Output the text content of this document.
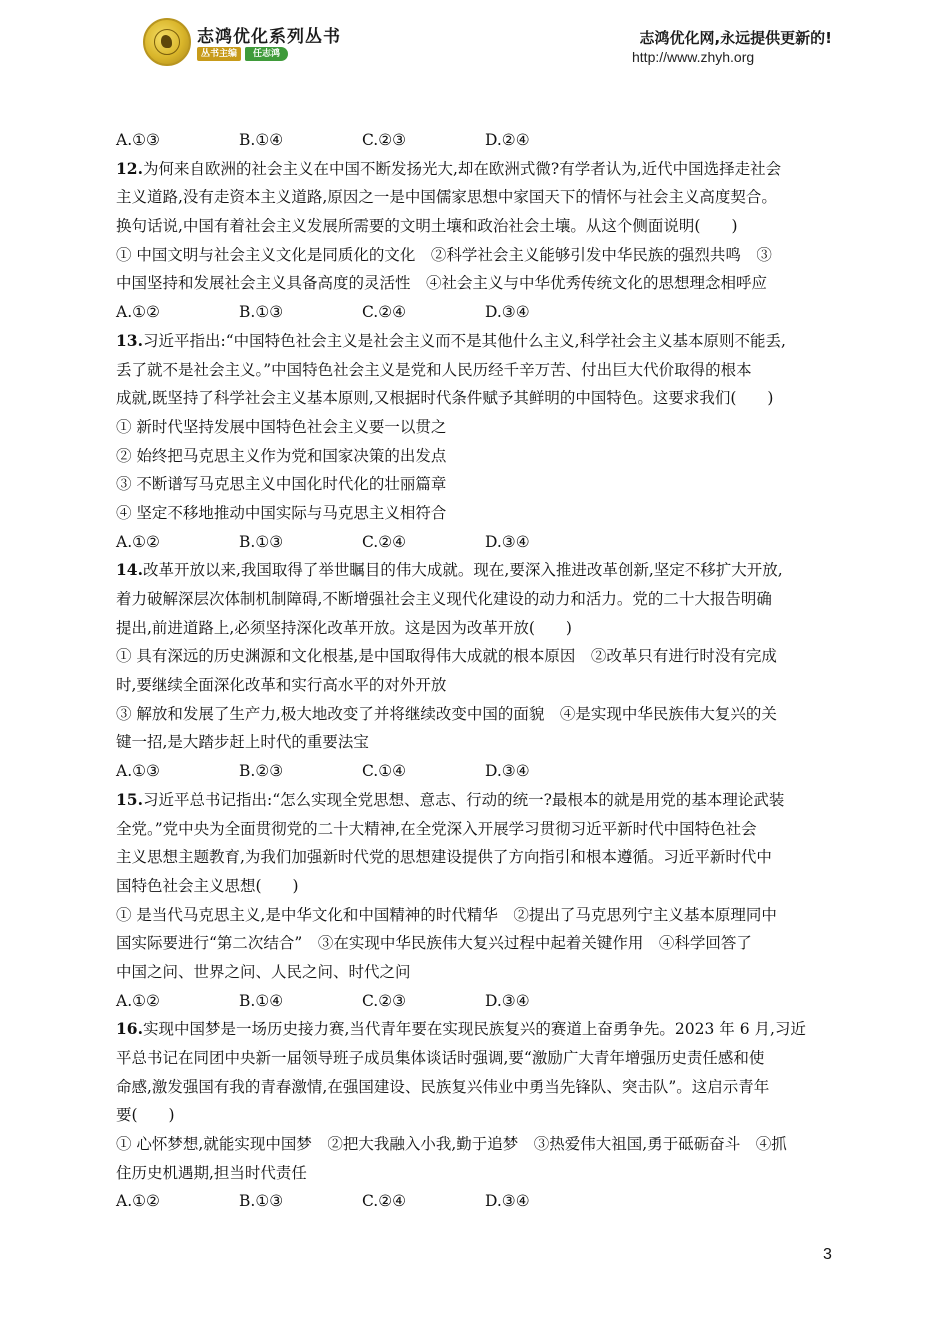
志鸿优化系列丛书
丛书主编	任志鸿
志鸿优化网,永远提供更新的!
http://www.zhyh.org
A.①③	B.①④	C.②③	D.②④
12.为何来自欧洲的社会主义在中国不断发扬光大,却在欧洲式微?有学者认为,近代中国选择走社会
主义道路,没有走资本主义道路,原因之一是中国儒家思想中家国天下的情怀与社会主义高度契合。
换句话说,中国有着社会主义发展所需要的文明土壤和政治社会土壤。从这个侧面说明(　　)
① 中国文明与社会主义文化是同质化的文化　②科学社会主义能够引发中华民族的强烈共鸣　③
中国坚持和发展社会主义具备高度的灵活性　④社会主义与中华优秀传统文化的思想理念相呼应
A.①②	B.①③	C.②④	D.③④
13.习近平指出:“中国特色社会主义是社会主义而不是其他什么主义,科学社会主义基本原则不能丢,
丢了就不是社会主义。”中国特色社会主义是党和人民历经千辛万苦、付出巨大代价取得的根本
成就,既坚持了科学社会主义基本原则,又根据时代条件赋予其鲜明的中国特色。这要求我们(　　)
① 新时代坚持发展中国特色社会主义要一以贯之
② 始终把马克思主义作为党和国家决策的出发点
③ 不断谱写马克思主义中国化时代化的壮丽篇章
④ 坚定不移地推动中国实际与马克思主义相符合
A.①②	B.①③	C.②④	D.③④
14.改革开放以来,我国取得了举世瞩目的伟大成就。现在,要深入推进改革创新,坚定不移扩大开放,
着力破解深层次体制机制障碍,不断增强社会主义现代化建设的动力和活力。党的二十大报告明确
提出,前进道路上,必须坚持深化改革开放。这是因为改革开放(　　)
① 具有深远的历史渊源和文化根基,是中国取得伟大成就的根本原因　②改革只有进行时没有完成
时,要继续全面深化改革和实行高水平的对外开放
③ 解放和发展了生产力,极大地改变了并将继续改变中国的面貌　④是实现中华民族伟大复兴的关
键一招,是大踏步赶上时代的重要法宝
A.①③	B.②③	C.①④	D.③④
15.习近平总书记指出:“怎么实现全党思想、意志、行动的统一?最根本的就是用党的基本理论武装
全党。”党中央为全面贯彻党的二十大精神,在全党深入开展学习贯彻习近平新时代中国特色社会
主义思想主题教育,为我们加强新时代党的思想建设提供了方向指引和根本遵循。习近平新时代中
国特色社会主义思想(　　)
① 是当代马克思主义,是中华文化和中国精神的时代精华　②提出了马克思列宁主义基本原理同中
国实际要进行“第二次结合”　③在实现中华民族伟大复兴过程中起着关键作用　④科学回答了
中国之问、世界之问、人民之问、时代之问
A.①②	B.①④	C.②③	D.③④
16.实现中国梦是一场历史接力赛,当代青年要在实现民族复兴的赛道上奋勇争先。2023 年 6 月,习近
平总书记在同团中央新一届领导班子成员集体谈话时强调,要“激励广大青年增强历史责任感和使
命感,激发强国有我的青春激情,在强国建设、民族复兴伟业中勇当先锋队、突击队”。这启示青年
要(　　)
① 心怀梦想,就能实现中国梦　②把大我融入小我,勤于追梦　③热爱伟大祖国,勇于砥砺奋斗　④抓
住历史机遇期,担当时代责任
A.①②	B.①③	C.②④	D.③④
3
